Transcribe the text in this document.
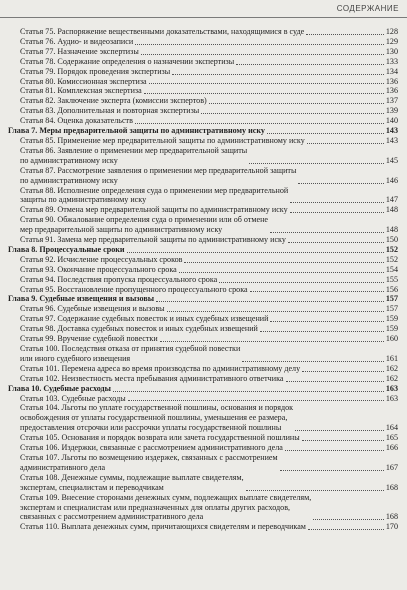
СОДЕРЖАНИЕ
Статья 75. Распоряжение вещественными доказательствами, находящимися в суде	128
Статья 76. Аудио- и видеозаписи	129
Статья 77. Назначение экспертизы	130
Статья 78. Содержание определения о назначении экспертизы	133
Статья 79. Порядок проведения экспертизы	134
Статья 80. Комиссионная экспертиза	136
Статья 81. Комплексная экспертиза	136
Статья 82. Заключение эксперта (комиссии экспертов)	137
Статья 83. Дополнительная и повторная экспертизы	139
Статья 84. Оценка доказательств	140
Глава 7. Меры предварительной защиты по административному иску	143
Статья 85. Применение мер предварительной защиты по административному иску	143
Статья 86. Заявление о применении мер предварительной защиты
по административному иску	145
Статья 87. Рассмотрение заявления о применении мер предварительной защиты
по административному иску	146
Статья 88. Исполнение определения суда о применении мер предварительной
защиты по административному иску	147
Статья 89. Отмена мер предварительной защиты по административному иску	148
Статья 90. Обжалование определения суда о применении или об отмене
мер предварительной защиты по административному иску	148
Статья 91. Замена мер предварительной защиты по административному иску	150
Глава 8. Процессуальные сроки	152
Статья 92. Исчисление процессуальных сроков	152
Статья 93. Окончание процессуального срока	154
Статья 94. Последствия пропуска процессуального срока	155
Статья 95. Восстановление пропущенного процессуального срока	156
Глава 9. Судебные извещения и вызовы	157
Статья 96. Судебные извещения и вызовы	157
Статья 97. Содержание судебных повесток и иных судебных извещений	159
Статья 98. Доставка судебных повесток и иных судебных извещений	159
Статья 99. Вручение судебной повестки	160
Статья 100. Последствия отказа от принятия судебной повестки
или иного судебного извещения	161
Статья 101. Перемена адреса во время производства по административному делу	162
Статья 102. Неизвестность места пребывания административного ответчика	162
Глава 10. Судебные расходы	163
Статья 103. Судебные расходы	163
Статья 104. Льготы по уплате государственной пошлины, основания и порядок
освобождения от уплаты государственной пошлины, уменьшения ее размера,
предоставления отсрочки или рассрочки уплаты государственной пошлины	164
Статья 105. Основания и порядок возврата или зачета государственной пошлины	165
Статья 106. Издержки, связанные с рассмотрением административного дела	166
Статья 107. Льготы по возмещению издержек, связанных с рассмотрением
административного дела	167
Статья 108. Денежные суммы, подлежащие выплате свидетелям,
экспертам, специалистам и переводчикам	168
Статья 109. Внесение сторонами денежных сумм, подлежащих выплате свидетелям,
экспертам и специалистам или предназначенных для оплаты других расходов,
связанных с рассмотрением административного дела	168
Статья 110. Выплата денежных сумм, причитающихся свидетелям и переводчикам	170
